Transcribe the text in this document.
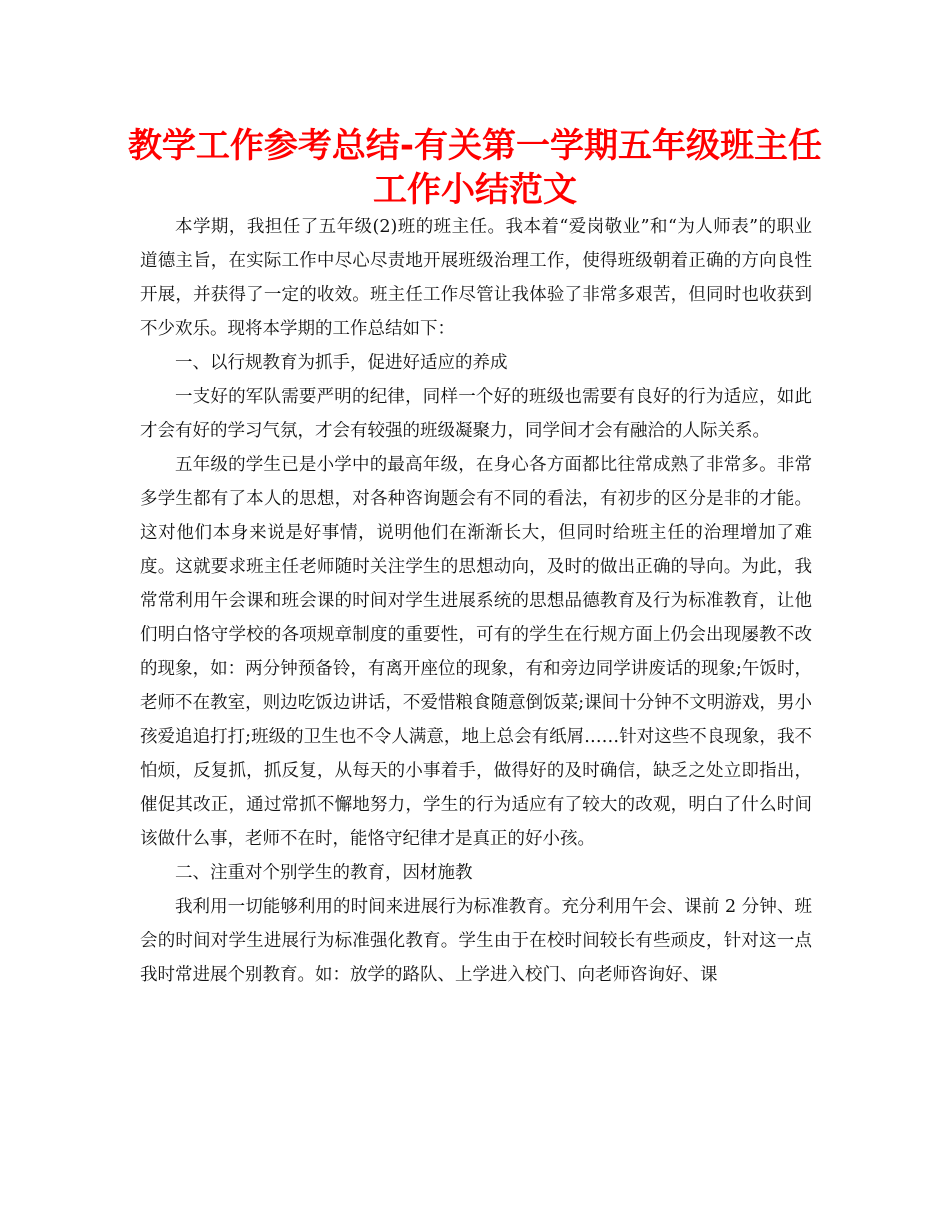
教学工作参考总结-有关第一学期五年级班主任工作小结范文

本学期，我担任了五年级(2)班的班主任。我本着“爱岗敬业”和“为人师表”的职业道德主旨，在实际工作中尽心尽责地开展班级治理工作，使得班级朝着正确的方向良性开展，并获得了一定的收效。班主任工作尽管让我体验了非常多艰苦，但同时也收获到不少欢乐。现将本学期的工作总结如下：

一、以行规教育为抓手，促进好适应的养成

一支好的军队需要严明的纪律，同样一个好的班级也需要有良好的行为适应，如此才会有好的学习气氛，才会有较强的班级凝聚力，同学间才会有融洽的人际关系。

五年级的学生已是小学中的最高年级，在身心各方面都比往常成熟了非常多。非常多学生都有了本人的思想，对各种咨询题会有不同的看法，有初步的区分是非的才能。这对他们本身来说是好事情，说明他们在渐渐长大，但同时给班主任的治理增加了难度。这就要求班主任老师随时关注学生的思想动向，及时的做出正确的导向。为此，我常常利用午会课和班会课的时间对学生进展系统的思想品德教育及行为标准教育，让他们明白恪守学校的各项规章制度的重要性，可有的学生在行规方面上仍会出现屡教不改的现象，如：两分钟预备铃，有离开座位的现象，有和旁边同学讲废话的现象;午饭时，老师不在教室，则边吃饭边讲话，不爱惜粮食随意倒饭菜;课间十分钟不文明游戏，男小孩爱追追打打;班级的卫生也不令人满意，地上总会有纸屑……针对这些不良现象，我不怕烦，反复抓，抓反复，从每天的小事着手，做得好的及时确信，缺乏之处立即指出，催促其改正，通过常抓不懈地努力，学生的行为适应有了较大的改观，明白了什么时间该做什么事，老师不在时，能恪守纪律才是真正的好小孩。

二、注重对个别学生的教育，因材施教

我利用一切能够利用的时间来进展行为标准教育。充分利用午会、课前 2 分钟、班会的时间对学生进展行为标准强化教育。学生由于在校时间较长有些顽皮，针对这一点我时常进展个别教育。如：放学的路队、上学进入校门、向老师咨询好、课
